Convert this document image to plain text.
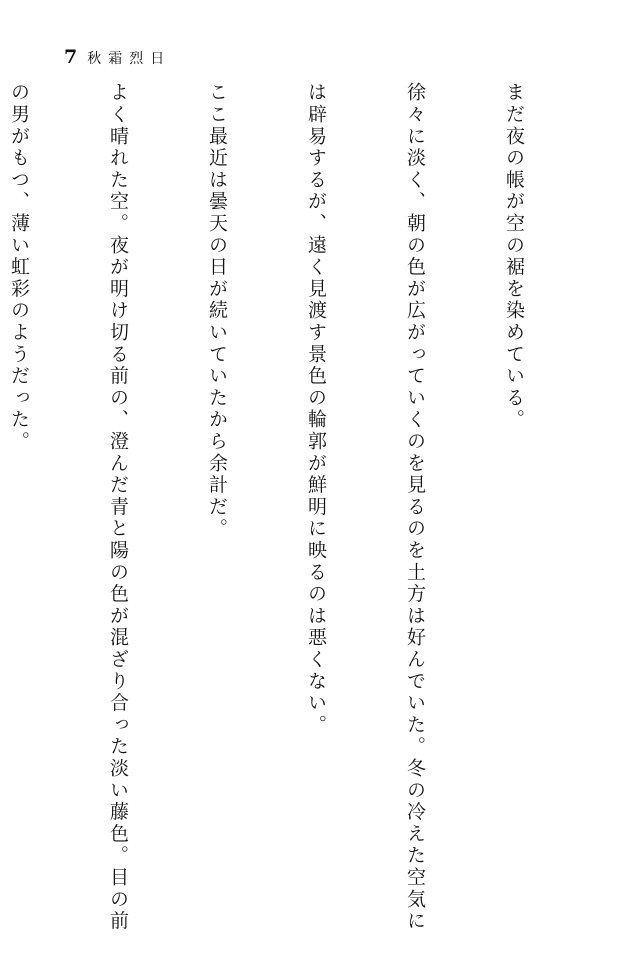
7 秋霜烈日

まだ夜の帳が空の裾を染めている。

徐々に淡く、朝の色が広がっていくのを見るのを土方は好んでいた。冬の冷えた空気に

は辟易するが、遠く見渡す景色の輪郭が鮮明に映るのは悪くない。

ここ最近は曇天の日が続いていたから余計だ。

よく晴れた空。夜が明け切る前の、澄んだ青と陽の色が混ざり合った淡い藤色。目の前

の男がもつ、薄い虹彩のようだった。
